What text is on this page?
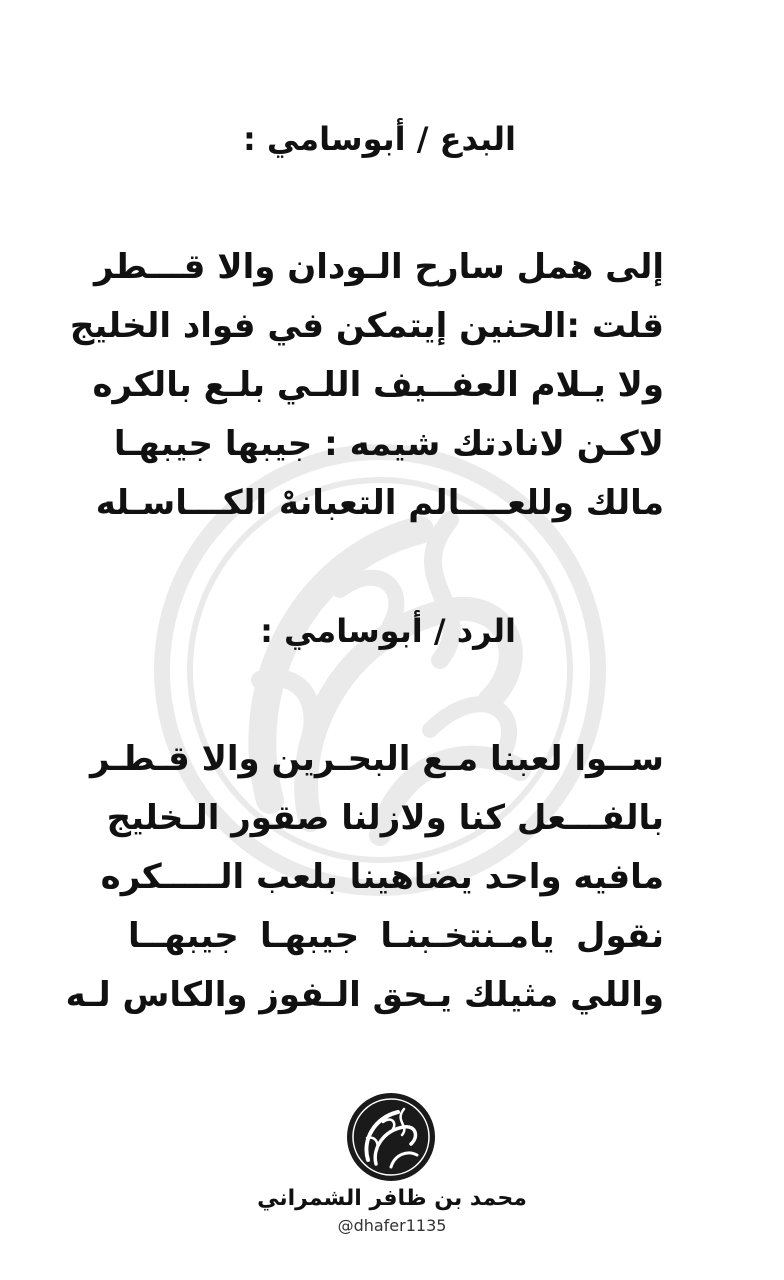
البدع / أبوسامي :
إلى همل سارح الـودان والا قـــطر
قلت :الحنين إيتمكن في فواد الخليج
ولا يـلام العفــيف اللـي بلـع بالكره
لاكـن لانادتك شيمه : جيبها جيبهـا
مالك وللعــــالم التعبانهْ الكـــاسـله
الرد / أبوسامي :
ســوا لعبنا مـع البحـرين والا قـطـر
بالفـــعل كنا ولازلنا صقور الـخليج
مافيه واحد يضاهينا بلعب الـــــكره
نقول يامـنتخـبنـا جيبهـا جيبهــا
واللي مثيلك يـحق الـفوز والكاس لـه
محمد بن ظافر الشمراني
@dhafer1135
